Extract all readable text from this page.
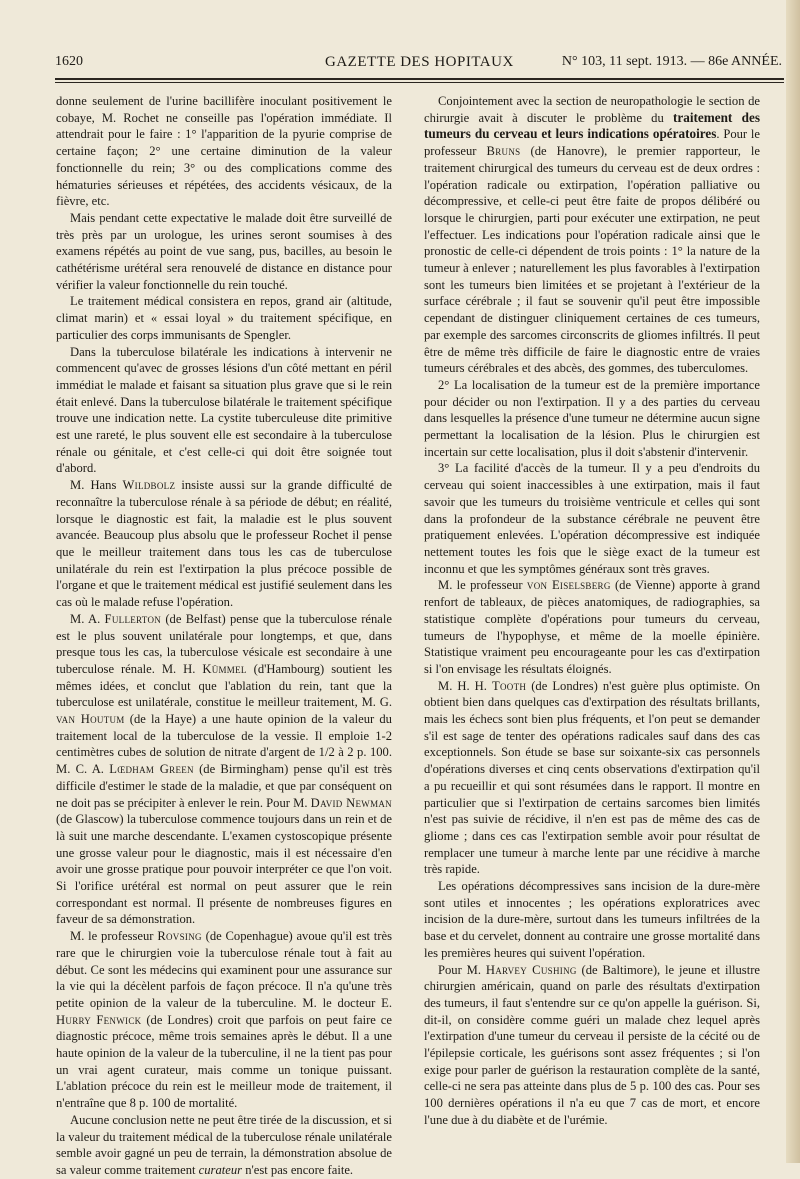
1620	GAZETTE DES HOPITAUX	N° 103, 11 sept. 1913. — 86e ANNÉE.

donne seulement de l'urine bacillifère inoculant positivement le cobaye, M. Rochet ne conseille pas l'opération immédiate. Il attendrait pour le faire : 1° l'apparition de la pyurie comprise de certaine façon; 2° une certaine diminution de la valeur fonctionnelle du rein; 3° ou des complications comme des hématuries sérieuses et répétées, des accidents vésicaux, de la fièvre, etc.

Mais pendant cette expectative le malade doit être surveillé de très près par un urologue, les urines seront soumises à des examens répétés au point de vue sang, pus, bacilles, au besoin le cathétérisme urétéral sera renouvelé de distance en distance pour vérifier la valeur fonctionnelle du rein touché.

Le traitement médical consistera en repos, grand air (altitude, climat marin) et « essai loyal » du traitement spécifique, en particulier des corps immunisants de Spengler.

Dans la tuberculose bilatérale les indications à intervenir ne commencent qu'avec de grosses lésions d'un côté mettant en péril immédiat le malade et faisant sa situation plus grave que si le rein était enlevé. Dans la tuberculose bilatérale le traitement spécifique trouve une indication nette. La cystite tuberculeuse dite primitive est une rareté, le plus souvent elle est secondaire à la tuberculose rénale ou génitale, et c'est celle-ci qui doit être soignée tout d'abord.

M. Hans Wildbolz insiste aussi sur la grande difficulté de reconnaître la tuberculose rénale à sa période de début; en réalité, lorsque le diagnostic est fait, la maladie est le plus souvent avancée. Beaucoup plus absolu que le professeur Rochet il pense que le meilleur traitement dans tous les cas de tuberculose unilatérale du rein est l'extirpation la plus précoce possible de l'organe et que le traitement médical est justifié seulement dans les cas où le malade refuse l'opération.

M. A. Fullerton (de Belfast) pense que la tuberculose rénale est le plus souvent unilatérale pour longtemps, et que, dans presque tous les cas, la tuberculose vésicale est secondaire à une tuberculose rénale. M. H. Kümmel (d'Hambourg) soutient les mêmes idées, et conclut que l'ablation du rein, tant que la tuberculose est unilatérale, constitue le meilleur traitement, M. G. van Houtum (de la Haye) a une haute opinion de la valeur du traitement local de la tuberculose de la vessie. Il emploie 1-2 centimètres cubes de solution de nitrate d'argent de 1/2 à 2 p. 100. M. C. A. Lœdham Green (de Birmingham) pense qu'il est très difficile d'estimer le stade de la maladie, et que par conséquent on ne doit pas se précipiter à enlever le rein. Pour M. David Newman (de Glascow) la tuberculose commence toujours dans un rein et de là suit une marche descendante. L'examen cystoscopique présente une grosse valeur pour le diagnostic, mais il est nécessaire d'en avoir une grosse pratique pour pouvoir interpréter ce que l'on voit. Si l'orifice urétéral est normal on peut assurer que le rein correspondant est normal. Il présente de nombreuses figures en faveur de sa démonstration.

M. le professeur Rovsing (de Copenhague) avoue qu'il est très rare que le chirurgien voie la tuberculose rénale tout à fait au début. Ce sont les médecins qui examinent pour une assurance sur la vie qui la décèlent parfois de façon précoce. Il n'a qu'une très petite opinion de la valeur de la tuberculine. M. le docteur E. Hurry Fenwick (de Londres) croit que parfois on peut faire ce diagnostic précoce, même trois semaines après le début. Il a une haute opinion de la valeur de la tuberculine, il ne la tient pas pour un vrai agent curateur, mais comme un tonique puissant. L'ablation précoce du rein est le meilleur mode de traitement, il n'entraîne que 8 p. 100 de mortalité.

Aucune conclusion nette ne peut être tirée de la discussion, et si la valeur du traitement médical de la tuberculose rénale unilatérale semble avoir gagné un peu de terrain, la démonstration absolue de sa valeur comme traitement curateur n'est pas encore faite.

Conjointement avec la section de neuropathologie le section de chirurgie avait à discuter le problème du traitement des tumeurs du cerveau et leurs indications opératoires. Pour le professeur Bruns (de Hanovre), le premier rapporteur, le traitement chirurgical des tumeurs du cerveau est de deux ordres : l'opération radicale ou extirpation, l'opération palliative ou décompressive, et celle-ci peut être faite de propos délibéré ou lorsque le chirurgien, parti pour exécuter une extirpation, ne peut l'effectuer. Les indications pour l'opération radicale ainsi que le pronostic de celle-ci dépendent de trois points : 1° la nature de la tumeur à enlever ; naturellement les plus favorables à l'extirpation sont les tumeurs bien limitées et se projetant à l'extérieur de la surface cérébrale ; il faut se souvenir qu'il peut être impossible cependant de distinguer cliniquement certaines de ces tumeurs, par exemple des sarcomes circonscrits de gliomes infiltrés. Il peut être de même très difficile de faire le diagnostic entre de vraies tumeurs cérébrales et des abcès, des gommes, des tuberculomes.

2° La localisation de la tumeur est de la première importance pour décider ou non l'extirpation. Il y a des parties du cerveau dans lesquelles la présence d'une tumeur ne détermine aucun signe permettant la localisation de la lésion. Plus le chirurgien est incertain sur cette localisation, plus il doit s'abstenir d'intervenir.

3° La facilité d'accès de la tumeur. Il y a peu d'endroits du cerveau qui soient inaccessibles à une extirpation, mais il faut savoir que les tumeurs du troisième ventricule et celles qui sont dans la profondeur de la substance cérébrale ne peuvent être pratiquement enlevées. L'opération décompressive est indiquée nettement toutes les fois que le siège exact de la tumeur est inconnu et que les symptômes généraux sont très graves.

M. le professeur von Eiselsberg (de Vienne) apporte à grand renfort de tableaux, de pièces anatomiques, de radiographies, sa statistique complète d'opérations pour tumeurs du cerveau, tumeurs de l'hypophyse, et même de la moelle épinière. Statistique vraiment peu encourageante pour les cas d'extirpation si l'on envisage les résultats éloignés.

M. H. H. Tooth (de Londres) n'est guère plus optimiste. On obtient bien dans quelques cas d'extirpation des résultats brillants, mais les échecs sont bien plus fréquents, et l'on peut se demander s'il est sage de tenter des opérations radicales sauf dans des cas exceptionnels. Son étude se base sur soixante-six cas personnels d'opérations diverses et cinq cents observations d'extirpation qu'il a pu recueillir et qui sont résumées dans le rapport. Il montre en particulier que si l'extirpation de certains sarcomes bien limités n'est pas suivie de récidive, il n'en est pas de même des cas de gliome ; dans ces cas l'extirpation semble avoir pour résultat de remplacer une tumeur à marche lente par une récidive à marche très rapide.

Les opérations décompressives sans incision de la dure-mère sont utiles et innocentes ; les opérations exploratrices avec incision de la dure-mère, surtout dans les tumeurs infiltrées de la base et du cervelet, donnent au contraire une grosse mortalité dans les premières heures qui suivent l'opération.

Pour M. Harvey Cushing (de Baltimore), le jeune et illustre chirurgien américain, quand on parle des résultats d'extirpation des tumeurs, il faut s'entendre sur ce qu'on appelle la guérison. Si, dit-il, on considère comme guéri un malade chez lequel après l'extirpation d'une tumeur du cerveau il persiste de la cécité ou de l'épilepsie corticale, les guérisons sont assez fréquentes ; si l'on exige pour parler de guérison la restauration complète de la santé, celle-ci ne sera pas atteinte dans plus de 5 p. 100 des cas. Pour ses 100 dernières opérations il n'a eu que 7 cas de mort, et encore l'une due à du diabète et de l'urémie.
